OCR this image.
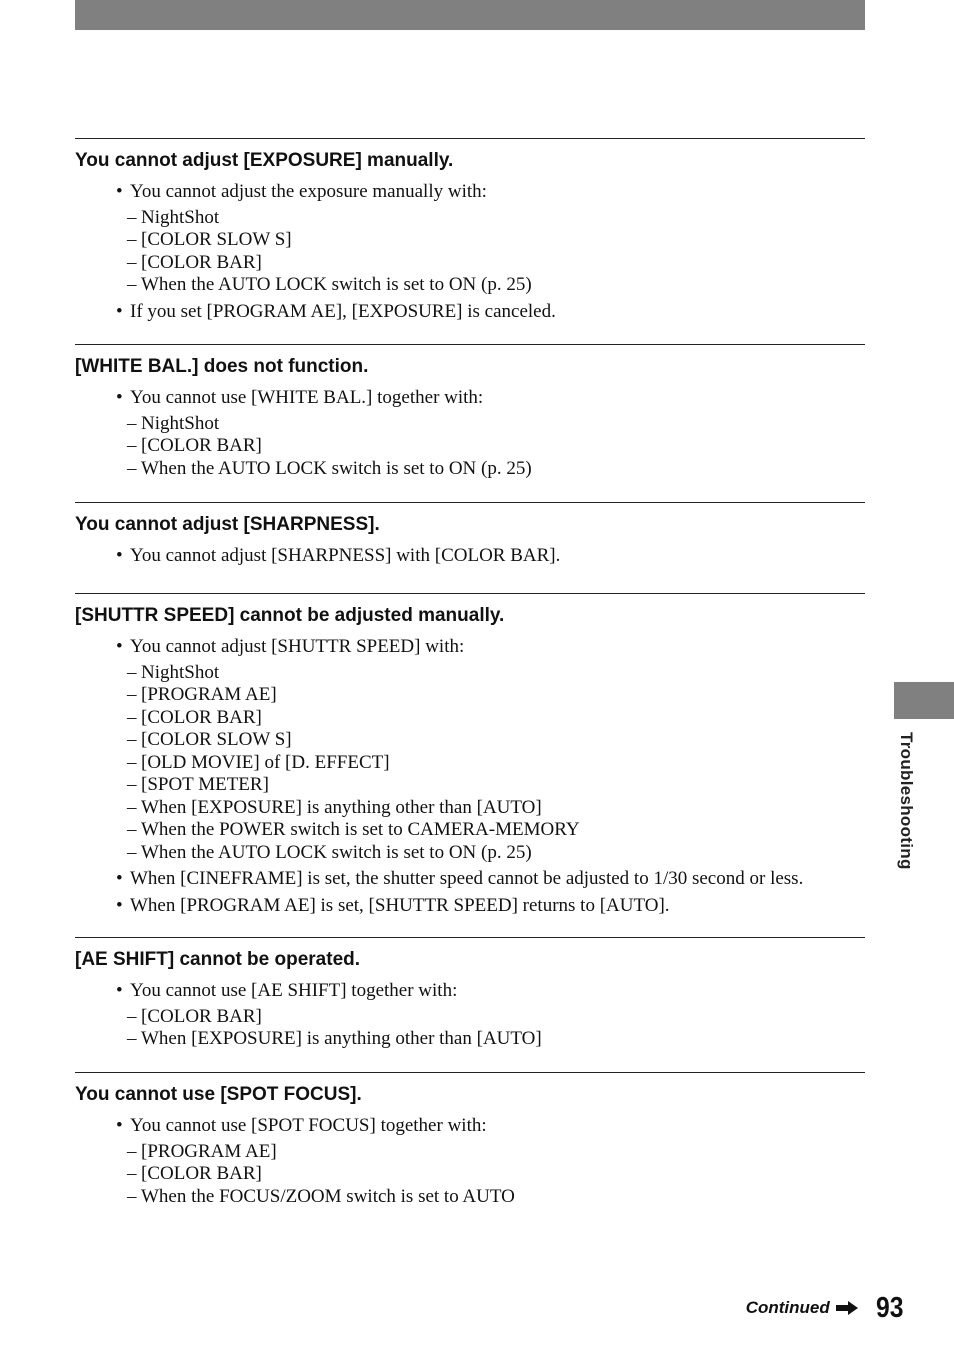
You cannot adjust [EXPOSURE] manually.
• You cannot adjust the exposure manually with:
– NightShot
– [COLOR SLOW S]
– [COLOR BAR]
– When the AUTO LOCK switch is set to ON (p. 25)
• If you set [PROGRAM AE], [EXPOSURE] is canceled.
[WHITE BAL.] does not function.
• You cannot use [WHITE BAL.] together with:
– NightShot
– [COLOR BAR]
– When the AUTO LOCK switch is set to ON (p. 25)
You cannot adjust [SHARPNESS].
• You cannot adjust [SHARPNESS] with [COLOR BAR].
[SHUTTR SPEED] cannot be adjusted manually.
• You cannot adjust [SHUTTR SPEED] with:
– NightShot
– [PROGRAM AE]
– [COLOR BAR]
– [COLOR SLOW S]
– [OLD MOVIE] of [D. EFFECT]
– [SPOT METER]
– When [EXPOSURE] is anything other than [AUTO]
– When the POWER switch is set to CAMERA-MEMORY
– When the AUTO LOCK switch is set to ON (p. 25)
• When [CINEFRAME] is set, the shutter speed cannot be adjusted to 1/30 second or less.
• When [PROGRAM AE] is set, [SHUTTR SPEED] returns to [AUTO].
[AE SHIFT] cannot be operated.
• You cannot use [AE SHIFT] together with:
– [COLOR BAR]
– When [EXPOSURE] is anything other than [AUTO]
You cannot use [SPOT FOCUS].
• You cannot use [SPOT FOCUS] together with:
– [PROGRAM AE]
– [COLOR BAR]
– When the FOCUS/ZOOM switch is set to AUTO
Troubleshooting
Continued 93
